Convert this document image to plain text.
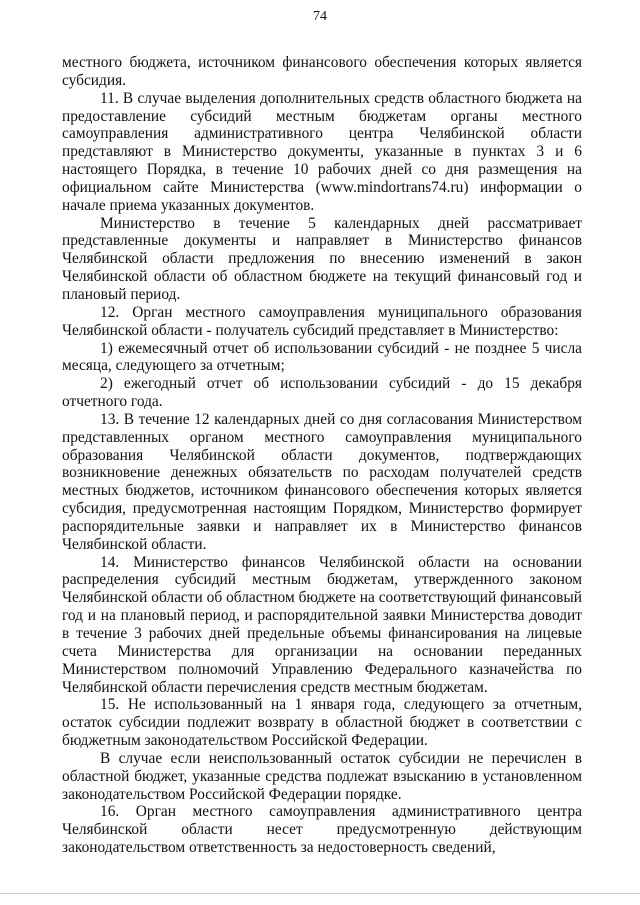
74

местного бюджета, источником финансового обеспечения которых является субсидия.

11. В случае выделения дополнительных средств областного бюджета на предоставление субсидий местным бюджетам органы местного самоуправления административного центра Челябинской области представляют в Министерство документы, указанные в пунктах 3 и 6 настоящего Порядка, в течение 10 рабочих дней со дня размещения на официальном сайте Министерства (www.mindortrans74.ru) информации о начале приема указанных документов.

Министерство в течение 5 календарных дней рассматривает представленные документы и направляет в Министерство финансов Челябинской области предложения по внесению изменений в закон Челябинской области об областном бюджете на текущий финансовый год и плановый период.

12. Орган местного самоуправления муниципального образования Челябинской области - получатель субсидий представляет в Министерство:

1) ежемесячный отчет об использовании субсидий - не позднее 5 числа месяца, следующего за отчетным;

2) ежегодный отчет об использовании субсидий - до 15 декабря отчетного года.

13. В течение 12 календарных дней со дня согласования Министерством представленных органом местного самоуправления муниципального образования Челябинской области документов, подтверждающих возникновение денежных обязательств по расходам получателей средств местных бюджетов, источником финансового обеспечения которых является субсидия, предусмотренная настоящим Порядком, Министерство формирует распорядительные заявки и направляет их в Министерство финансов Челябинской области.

14. Министерство финансов Челябинской области на основании распределения субсидий местным бюджетам, утвержденного законом Челябинской области об областном бюджете на соответствующий финансовый год и на плановый период, и распорядительной заявки Министерства доводит в течение 3 рабочих дней предельные объемы финансирования на лицевые счета Министерства для организации на основании переданных Министерством полномочий Управлению Федерального казначейства по Челябинской области перечисления средств местным бюджетам.

15. Не использованный на 1 января года, следующего за отчетным, остаток субсидии подлежит возврату в областной бюджет в соответствии с бюджетным законодательством Российской Федерации.

В случае если неиспользованный остаток субсидии не перечислен в областной бюджет, указанные средства подлежат взысканию в установленном законодательством Российской Федерации порядке.

16. Орган местного самоуправления административного центра Челябинской области несет предусмотренную действующим законодательством ответственность за недостоверность сведений,
